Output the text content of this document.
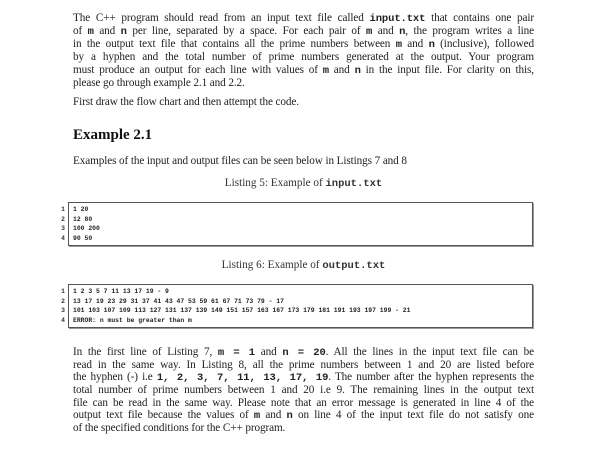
The C++ program should read from an input text file called input.txt that contains one pair
of m and n per line, separated by a space. For each pair of m and n, the program writes a line
in the output text file that contains all the prime numbers between m and n (inclusive), followed
by a hyphen and the total number of prime numbers generated at the output. Your program
must produce an output for each line with values of m and n in the input file. For clarity on this,
please go through example 2.1 and 2.2.
First draw the flow chart and then attempt the code.
Example 2.1
Examples of the input and output files can be seen below in Listings 7 and 8
Listing 5: Example of input.txt
1 1 20
2 12 80
3 100 200
4 90 50
Listing 6: Example of output.txt
1 1 2 3 5 7 11 13 17 19 - 9
2 13 17 19 23 29 31 37 41 43 47 53 59 61 67 71 73 79 - 17
3 101 103 107 109 113 127 131 137 139 149 151 157 163 167 173 179 181 191 193 197 199 - 21
4 ERROR: n must be greater than m
In the first line of Listing 7, m = 1 and n = 20. All the lines in the input text file can be
read in the same way. In Listing 8, all the prime numbers between 1 and 20 are listed before
the hyphen (-) i.e 1, 2, 3, 7, 11, 13, 17, 19. The number after the hyphen represents the
total number of prime numbers between 1 and 20 i.e 9. The remaining lines in the output text
file can be read in the same way. Please note that an error message is generated in line 4 of the
output text file because the values of m and n on line 4 of the input text file do not satisfy one
of the specified conditions for the C++ program.
